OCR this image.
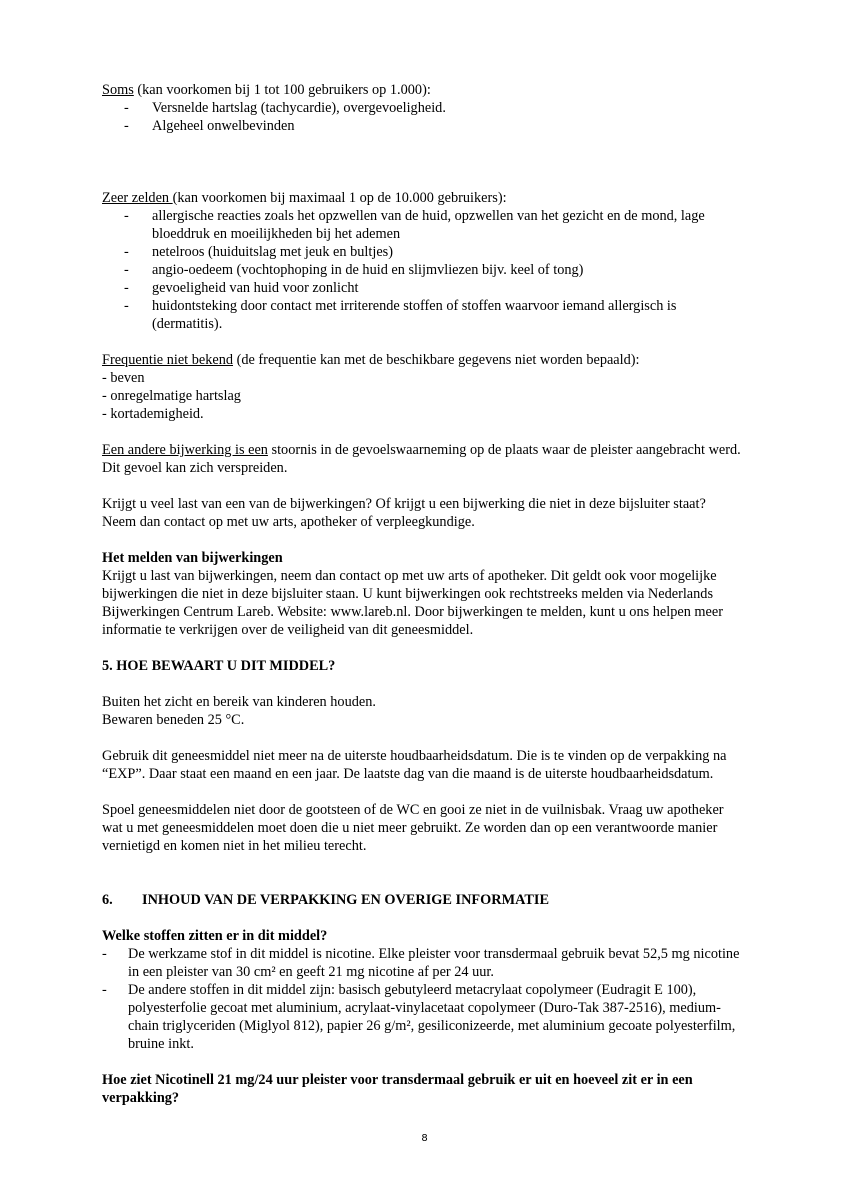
Soms (kan voorkomen bij 1 tot 100 gebruikers op 1.000):

- Versnelde hartslag (tachycardie), overgevoeligheid.
- Algeheel onwelbevinden

Zeer zelden (kan voorkomen bij maximaal 1 op de 10.000 gebruikers):

- allergische reacties zoals het opzwellen van de huid, opzwellen van het gezicht en de mond, lage bloeddruk en moeilijkheden bij het ademen
- netelroos (huiduitslag met jeuk en bultjes)
- angio-oedeem (vochtophoping in de huid en slijmvliezen bijv. keel of tong)
- gevoeligheid van huid voor zonlicht
- huidontsteking door contact met irriterende stoffen of stoffen waarvoor iemand allergisch is (dermatitis).

Frequentie niet bekend (de frequentie kan met de beschikbare gegevens niet worden bepaald):

- beven

- onregelmatige hartslag

- kortademigheid.

Een andere bijwerking is een stoornis in de gevoelswaarneming op de plaats waar de pleister aangebracht werd. Dit gevoel kan zich verspreiden.

Krijgt u veel last van een van de bijwerkingen? Of krijgt u een bijwerking die niet in deze bijsluiter staat? Neem dan contact op met uw arts, apotheker of verpleegkundige.

Het melden van bijwerkingen

Krijgt u last van bijwerkingen, neem dan contact op met uw arts of apotheker. Dit geldt ook voor mogelijke bijwerkingen die niet in deze bijsluiter staan. U kunt bijwerkingen ook rechtstreeks melden via Nederlands Bijwerkingen Centrum Lareb. Website: www.lareb.nl. Door bijwerkingen te melden, kunt u ons helpen meer informatie te verkrijgen over de veiligheid van dit geneesmiddel.

5. HOE BEWAART U DIT MIDDEL?

Buiten het zicht en bereik van kinderen houden.

Bewaren beneden 25 °C.

Gebruik dit geneesmiddel niet meer na de uiterste houdbaarheidsdatum. Die is te vinden op de verpakking na “EXP”. Daar staat een maand en een jaar. De laatste dag van die maand is de uiterste houdbaarheidsdatum.

Spoel geneesmiddelen niet door de gootsteen of de WC en gooi ze niet in de vuilnisbak. Vraag uw apotheker wat u met geneesmiddelen moet doen die u niet meer gebruikt. Ze worden dan op een verantwoorde manier vernietigd en komen niet in het milieu terecht.

6. INHOUD VAN DE VERPAKKING EN OVERIGE INFORMATIE

Welke stoffen zitten er in dit middel?

- De werkzame stof in dit middel is nicotine. Elke pleister voor transdermaal gebruik bevat 52,5 mg nicotine in een pleister van 30 cm² en geeft 21 mg nicotine af per 24 uur.
- De andere stoffen in dit middel zijn: basisch gebutyleerd metacrylaat copolymeer (Eudragit E 100), polyesterfolie gecoat met aluminium, acrylaat-vinylacetaat copolymeer (Duro-Tak 387-2516), medium-chain triglyceriden (Miglyol 812), papier 26 g/m², gesiliconizeerde, met aluminium gecoate polyesterfilm, bruine inkt.

Hoe ziet Nicotinell 21 mg/24 uur pleister voor transdermaal gebruik er uit en hoeveel zit er in een verpakking?

8
